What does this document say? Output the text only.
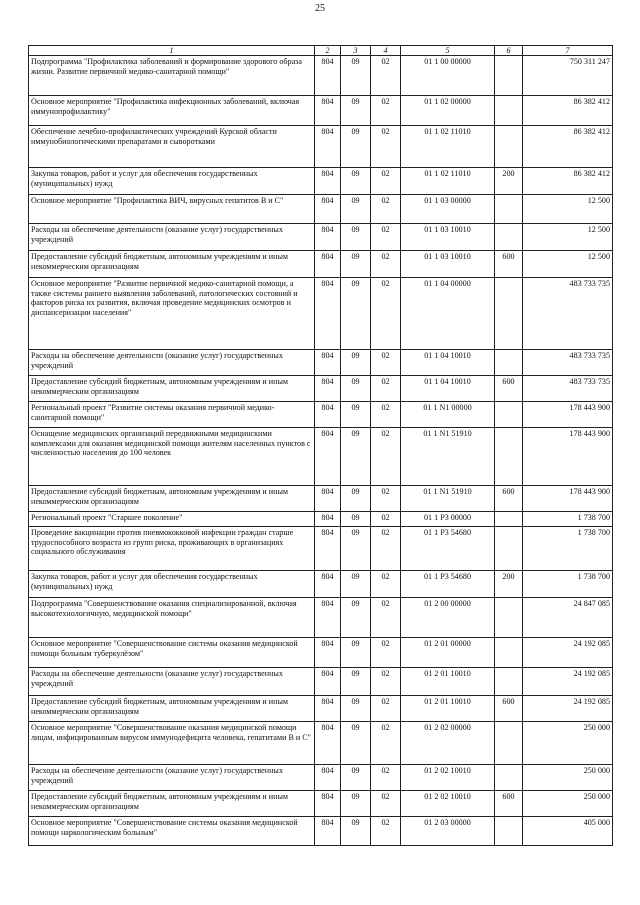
25
1	2	3	4	5	6	7
Подпрограмма "Профилактика заболеваний и формирование здорового образа жизни. Развитие первичной медико-санитарной помощи"	804	09	02	01 1 00 00000		750 311 247
Основное мероприятие "Профилактика инфекционных заболеваний, включая иммунопрофилактику"	804	09	02	01 1 02 00000		86 382 412
Обеспечение лечебно-профилактических учреждений Курской области иммунобиологическими препаратами и сыворотками	804	09	02	01 1 02 11010		86 382 412
Закупка товаров, работ и услуг для обеспечения государственных (муниципальных) нужд	804	09	02	01 1 02 11010	200	86 382 412
Основное мероприятие "Профилактика ВИЧ, вирусных гепатитов В и С"	804	09	02	01 1 03 00000		12 500
Расходы на обеспечение деятельности (оказание услуг) государственных учреждений	804	09	02	01 1 03 10010		12 500
Предоставление субсидий бюджетным, автономным учреждениям и иным некоммерческим организациям	804	09	02	01 1 03 10010	600	12 500
Основное мероприятие "Развитие первичной медико-санитарной помощи, а также системы раннего выявления заболеваний, патологических состояний и факторов риска их развития, включая проведение медицинских осмотров и диспансеризации населения"	804	09	02	01 1 04 00000		483 733 735
Расходы на обеспечение деятельности (оказание услуг) государственных учреждений	804	09	02	01 1 04 10010		483 733 735
Предоставление субсидий бюджетным, автономным учреждениям и иным некоммерческим организациям	804	09	02	01 1 04 10010	600	483 733 735
Региональный проект "Развитие системы оказания первичной медико-санитарной помощи"	804	09	02	01 1 N1 00000		178 443 900
Оснащение медицинских организаций передвижными медицинскими комплексами для оказания медицинской помощи жителям населенных пунктов с численностью населения до 100 человек	804	09	02	01 1 N1 51910		178 443 900
Предоставление субсидий бюджетным, автономным учреждениям и иным некоммерческим организациям	804	09	02	01 1 N1 51910	600	178 443 900
Региональный проект "Старшее поколение"	804	09	02	01 1 P3 00000		1 738 700
Проведение вакцинации против пневмококковой инфекции граждан старше трудоспособного возраста из групп риска, проживающих в организациях социального обслуживания	804	09	02	01 1 P3 54680		1 738 700
Закупка товаров, работ и услуг для обеспечения государственных (муниципальных) нужд	804	09	02	01 1 P3 54680	200	1 738 700
Подпрограмма "Совершенствование оказания специализированной, включая высокотехнологичную, медицинской помощи"	804	09	02	01 2 00 00000		24 847 085
Основное мероприятие "Совершенствование системы оказания медицинской помощи больным туберкулёзом"	804	09	02	01 2 01 00000		24 192 085
Расходы на обеспечение деятельности (оказание услуг) государственных учреждений	804	09	02	01 2 01 10010		24 192 085
Предоставление субсидий бюджетным, автономным учреждениям и иным некоммерческим организациям	804	09	02	01 2 01 10010	600	24 192 085
Основное мероприятие "Совершенствование оказания медицинской помощи лицам, инфицированным вирусом иммунодефицита человека, гепатитами В и С"	804	09	02	01 2 02 00000		250 000
Расходы на обеспечение деятельности (оказание услуг) государственных учреждений	804	09	02	01 2 02 10010		250 000
Предоставление субсидий бюджетным, автономным учреждениям и иным некоммерческим организациям	804	09	02	01 2 02 10010	600	250 000
Основное мероприятие "Совершенствование системы оказания медицинской помощи наркологическим больным"	804	09	02	01 2 03 00000		405 000
